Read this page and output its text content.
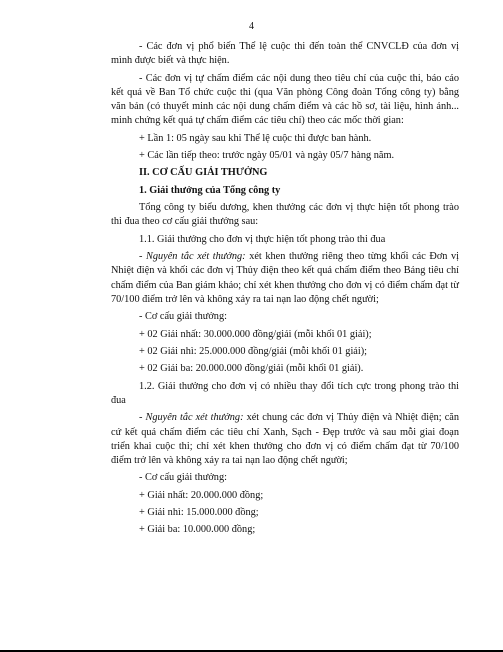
4

- Các đơn vị phổ biến Thể lệ cuộc thi đến toàn thể CNVCLĐ của đơn vị mình được biết và thực hiện.

- Các đơn vị tự chấm điểm các nội dung theo tiêu chí của cuộc thi, báo cáo kết quả về Ban Tổ chức cuộc thi (qua Văn phòng Công đoàn Tổng công ty) bằng văn bản (có thuyết minh các nội dung chấm điểm và các hồ sơ, tài liệu, hình ảnh... minh chứng kết quả tự chấm điểm các tiêu chí) theo các mốc thời gian:

+ Lần 1: 05 ngày sau khi Thể lệ cuộc thi được ban hành.

+ Các lần tiếp theo: trước ngày 05/01 và ngày 05/7 hàng năm.

II. CƠ CẤU GIẢI THƯỞNG

1. Giải thưởng của Tổng công ty

Tổng công ty biểu dương, khen thưởng các đơn vị thực hiện tốt phong trào thi đua theo cơ cấu giải thưởng sau:

1.1. Giải thưởng cho đơn vị thực hiện tốt phong trào thi đua

- Nguyên tắc xét thưởng: xét khen thưởng riêng theo từng khối các Đơn vị Nhiệt điện và khối các đơn vị Thủy điện theo kết quả chấm điểm theo Bảng tiêu chí chấm điểm của Ban giám khảo; chỉ xét khen thưởng cho đơn vị có điểm chấm đạt từ 70/100 điểm trở lên và không xảy ra tai nạn lao động chết người;

- Cơ cấu giải thưởng:

+ 02 Giải nhất: 30.000.000 đồng/giải (mỗi khối 01 giải);

+ 02 Giải nhì: 25.000.000 đồng/giải (mỗi khối 01 giải);

+ 02 Giải ba: 20.000.000 đồng/giải (mỗi khối 01 giải).

1.2. Giải thưởng cho đơn vị có nhiều thay đổi tích cực trong phong trào thi đua

- Nguyên tắc xét thưởng: xét chung các đơn vị Thủy điện và Nhiệt điện; căn cứ kết quả chấm điểm các tiêu chí Xanh, Sạch - Đẹp trước và sau mỗi giai đoạn triển khai cuộc thi; chỉ xét khen thưởng cho đơn vị có điểm chấm đạt từ 70/100 điểm trở lên và không xảy ra tai nạn lao động chết người;

- Cơ cấu giải thưởng:

+ Giải nhất: 20.000.000 đồng;

+ Giải nhì: 15.000.000 đồng;

+ Giải ba: 10.000.000 đồng;
